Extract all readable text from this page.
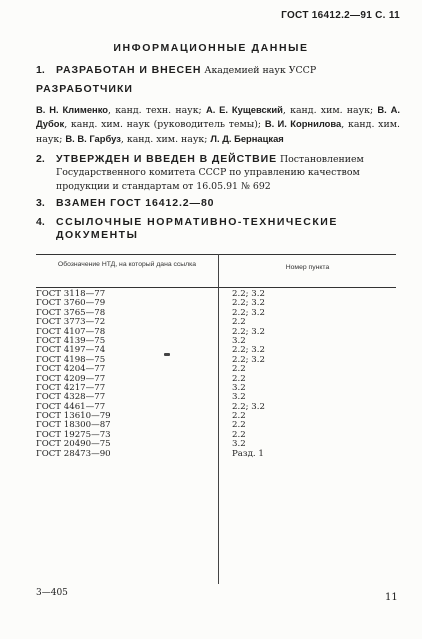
ГОСТ 16412.2—91 С. 11
ИНФОРМАЦИОННЫЕ ДАННЫЕ
1. РАЗРАБОТАН И ВНЕСЕН Академией наук УССР
РАЗРАБОТЧИКИ
В. Н. Клименко, канд. техн. наук; А. Е. Кущевский, канд. хим. наук; В. А. Дубок, канд. хим. наук (руководитель темы); В. И. Корнилова, канд. хим. наук; В. В. Гарбуз, канд. хим. наук; Л. Д. Бернацкая
2. УТВЕРЖДЕН И ВВЕДЕН В ДЕЙСТВИЕ Постановлением Государственного комитета СССР по управлению качеством продукции и стандартам от 16.05.91 № 692
3. ВЗАМЕН ГОСТ 16412.2—80
4. ССЫЛОЧНЫЕ НОРМАТИВНО-ТЕХНИЧЕСКИЕ ДОКУМЕНТЫ
Обозначение НТД, на который дана ссылка	Номер пункта
ГОСТ 3118—77	2.2; 3.2
ГОСТ 3760—79	2.2; 3.2
ГОСТ 3765—78	2.2; 3.2
ГОСТ 3773—72	2.2
ГОСТ 4107—78	2.2; 3.2
ГОСТ 4139—75	3.2
ГОСТ 4197—74	2.2; 3.2
ГОСТ 4198—75	2.2; 3.2
ГОСТ 4204—77	2.2
ГОСТ 4209—77	2.2
ГОСТ 4217—77	3.2
ГОСТ 4328—77	3.2
ГОСТ 4461—77	2.2; 3.2
ГОСТ 13610—79	2.2
ГОСТ 18300—87	2.2
ГОСТ 19275—73	2.2
ГОСТ 20490—75	3.2
ГОСТ 28473—90	Разд. 1
3—405	11
